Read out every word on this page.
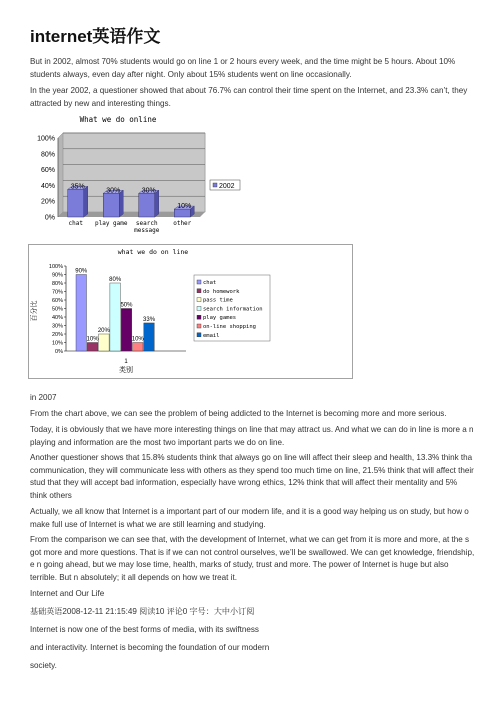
internet英语作文

But in 2002, almost 70% students would go on line 1 or 2 hours every week, and the time might be 5 hours. About 10% students always, even day after night. Only about 15% students went on line occasionally.

In the year 2002, a questioner showed that about 76.7% can control their time spent on the Internet, and 23.3% can’t, they attracted by new and interesting things.

What we do online
0%
20%
40%
60%
80%
100%
35%
chat
30%
play game
30%
search
message
10%
other
2002
what we do on line
0%
10%
20%
30%
40%
50%
60%
70%
80%
90%
100%
百分比
1
类别
90%
10%
20%
80%
50%
10%
33%
chat
do homework
pass time
search information
play games
on-line shopping
email

in 2007

From the chart above, we can see the problem of being addicted to the Internet is becoming more and more serious.

Today, it is obviously that we have more interesting things on line that may attract us. And what we can do in line is more a n playing and information are the most two important parts we do on line.

Another questioner shows that 15.8% students think that always go on line will affect their sleep and health, 13.3% think tha communication, they will communicate less with others as they spend too much time on line, 21.5% think that will affect their stud that they will accept bad information, especially have wrong ethics, 12% think that will affect their mentality and 5% think others

Actually, we all know that Internet is a important part of our modern life, and it is a good way helping us on study, but how o make full use of Internet is what we are still learning and studying.

From the comparison we can see that, with the development of Internet, what we can get from it is more and more, at the s got more and more questions. That is if we can not control ourselves, we’ll be swallowed. We can get knowledge, friendship, e n going ahead, but we may lose time, health, marks of study, trust and more. The power of Internet is huge but also terrible. But n absolutely; it all depends on how we treat it.

Internet and Our Life

基础英语2008-12-11 21:15:49 阅读10 评论0 字号：大中小订阅

Internet is now one of the best forms of media, with its swiftness

and interactivity. Internet is becoming the foundation of our modern

society.
